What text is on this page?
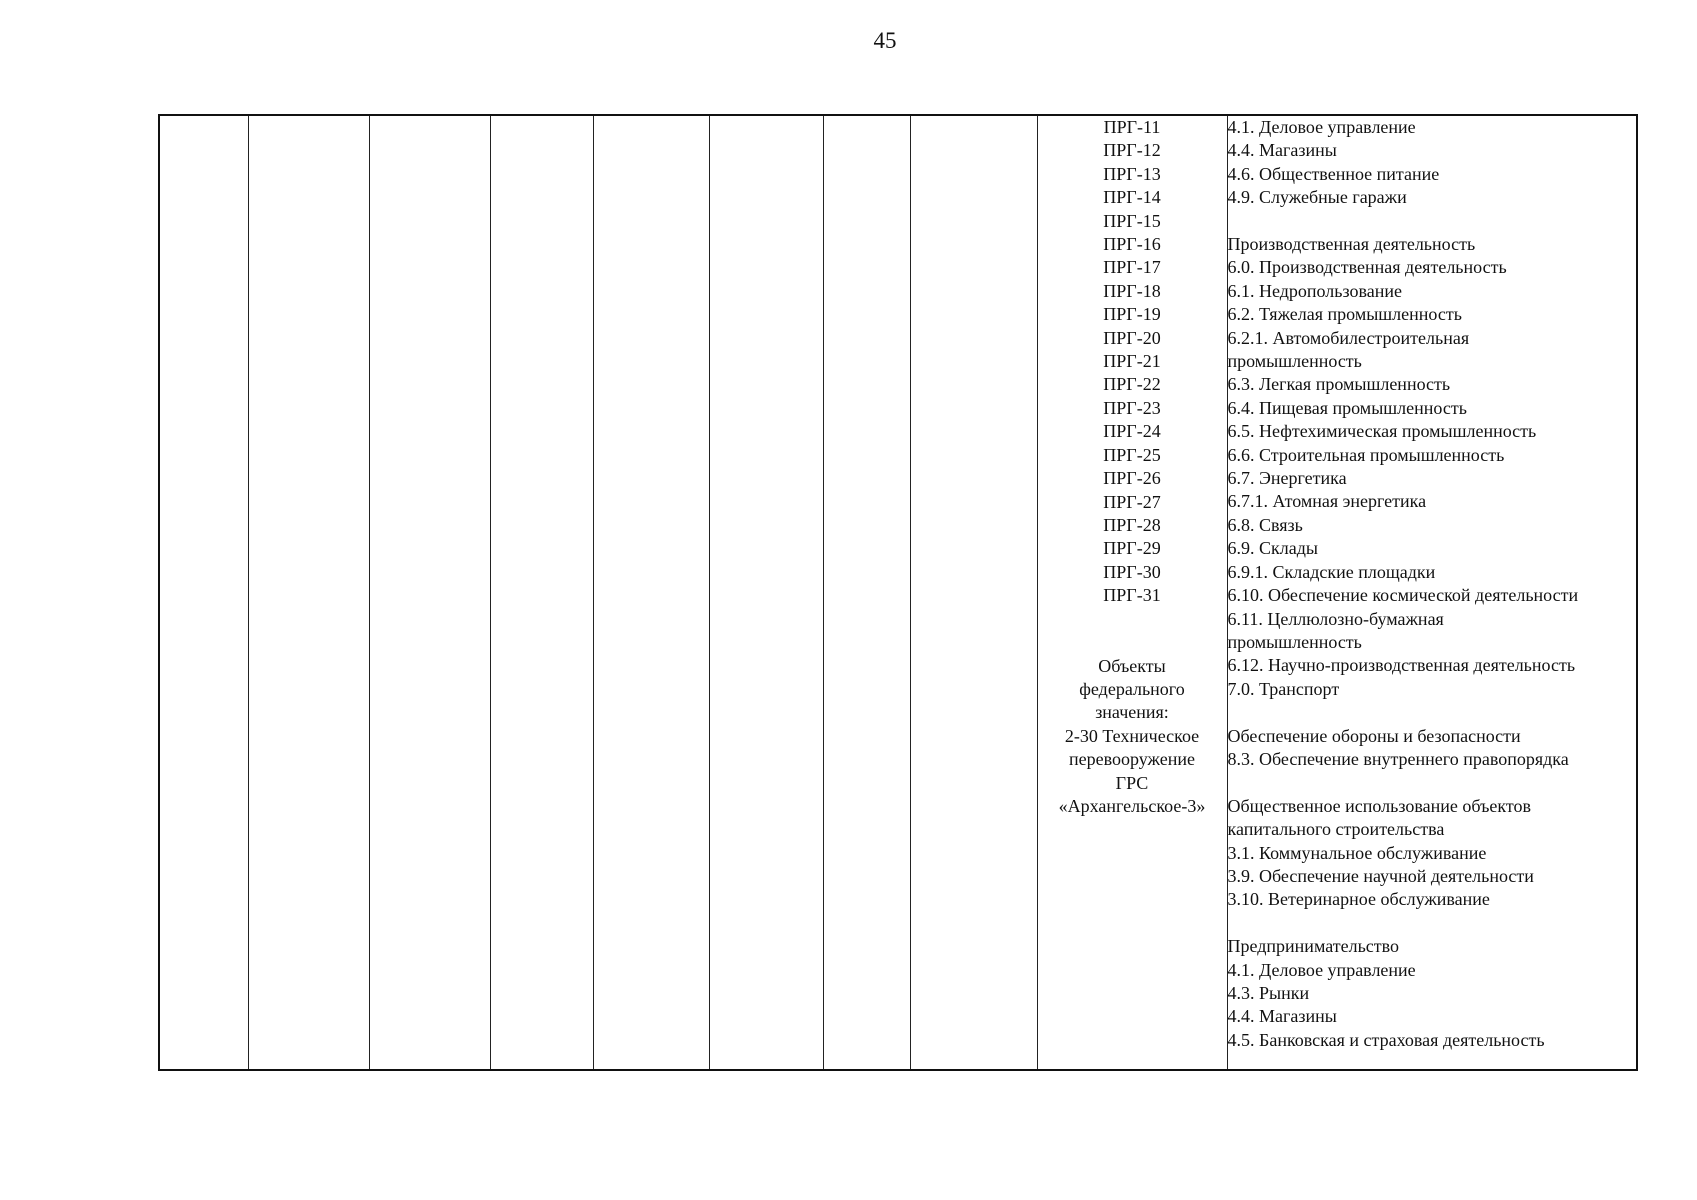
45

ПРГ-11
ПРГ-12
ПРГ-13
ПРГ-14
ПРГ-15
ПРГ-16
ПРГ-17
ПРГ-18
ПРГ-19
ПРГ-20
ПРГ-21
ПРГ-22
ПРГ-23
ПРГ-24
ПРГ-25
ПРГ-26
ПРГ-27
ПРГ-28
ПРГ-29
ПРГ-30
ПРГ-31
Объекты
федерального
значения:
2-30 Техническое
перевооружение
ГРС
«Архангельское-3»

4.1. Деловое управление
4.4. Магазины
4.6. Общественное питание
4.9. Служебные гаражи
Производственная деятельность
6.0. Производственная деятельность
6.1. Недропользование
6.2. Тяжелая промышленность
6.2.1. Автомобилестроительная
промышленность
6.3. Легкая промышленность
6.4. Пищевая промышленность
6.5. Нефтехимическая промышленность
6.6. Строительная промышленность
6.7. Энергетика
6.7.1. Атомная энергетика
6.8. Связь
6.9. Склады
6.9.1. Складские площадки
6.10. Обеспечение космической деятельности
6.11. Целлюлозно-бумажная
промышленность
6.12. Научно-производственная деятельность
7.0. Транспорт
Обеспечение обороны и безопасности
8.3. Обеспечение внутреннего правопорядка
Общественное использование объектов
капитального строительства
3.1. Коммунальное обслуживание
3.9. Обеспечение научной деятельности
3.10. Ветеринарное обслуживание
Предпринимательство
4.1. Деловое управление
4.3. Рынки
4.4. Магазины
4.5. Банковская и страховая деятельность
